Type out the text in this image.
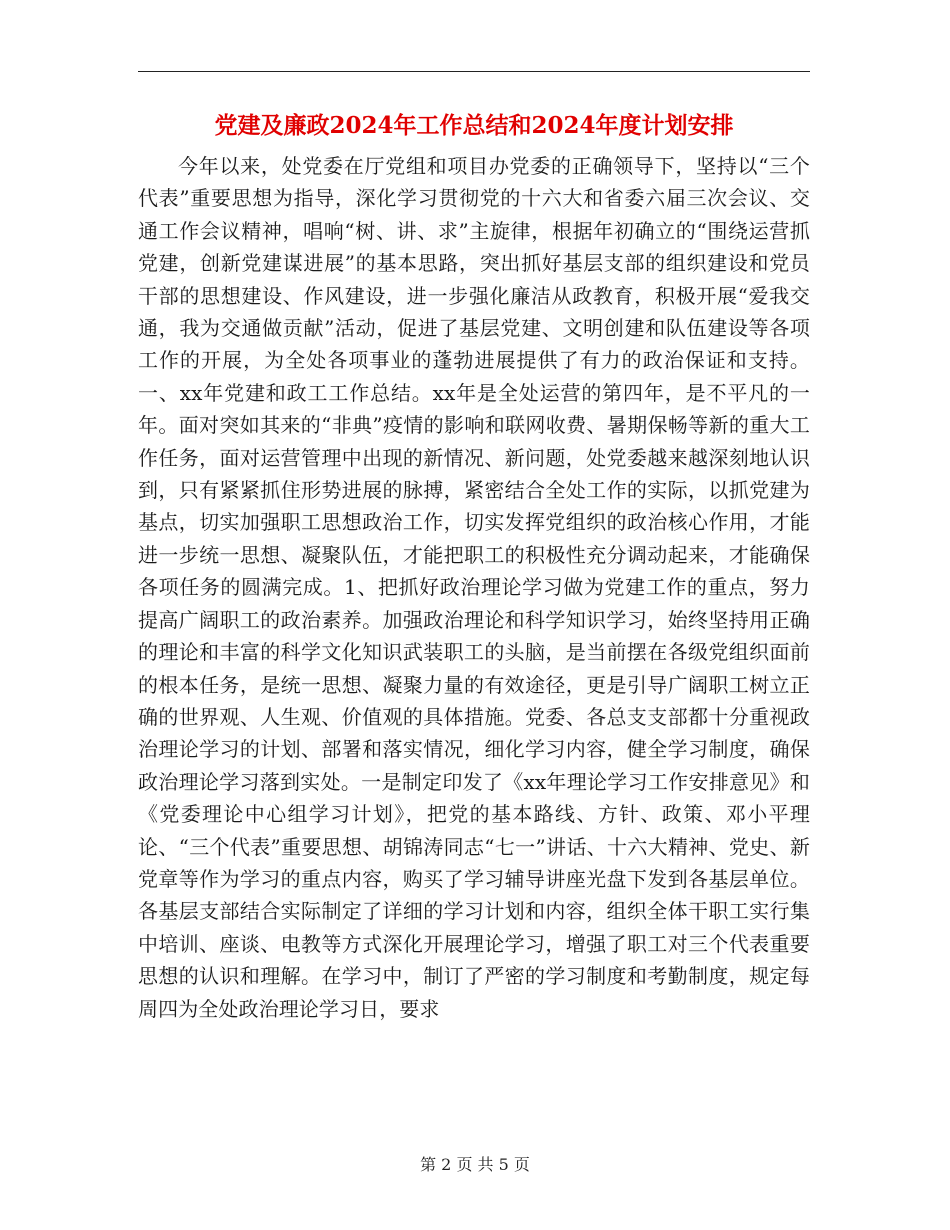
党建及廉政2024年工作总结和2024年度计划安排

今年以来，处党委在厅党组和项目办党委的正确领导下，坚持以“三个代表”重要思想为指导，深化学习贯彻党的十六大和省委六届三次会议、交通工作会议精神，唱响“树、讲、求”主旋律，根据年初确立的“围绕运营抓党建，创新党建谋进展”的基本思路，突出抓好基层支部的组织建设和党员干部的思想建设、作风建设，进一步强化廉洁从政教育，积极开展“爱我交通，我为交通做贡献”活动，促进了基层党建、文明创建和队伍建设等各项工作的开展，为全处各项事业的蓬勃进展提供了有力的政治保证和支持。 一、xx年党建和政工工作总结。xx年是全处运营的第四年，是不平凡的一年。面对突如其来的“非典”疫情的影响和联网收费、暑期保畅等新的重大工作任务，面对运营管理中出现的新情况、新问题，处党委越来越深刻地认识到，只有紧紧抓住形势进展的脉搏，紧密结合全处工作的实际，以抓党建为基点，切实加强职工思想政治工作，切实发挥党组织的政治核心作用，才能进一步统一思想、凝聚队伍，才能把职工的积极性充分调动起来，才能确保各项任务的圆满完成。1、把抓好政治理论学习做为党建工作的重点，努力提高广阔职工的政治素养。加强政治理论和科学知识学习，始终坚持用正确的理论和丰富的科学文化知识武装职工的头脑，是当前摆在各级党组织面前的根本任务，是统一思想、凝聚力量的有效途径，更是引导广阔职工树立正确的世界观、人生观、价值观的具体措施。党委、各总支支部都十分重视政治理论学习的计划、部署和落实情况，细化学习内容，健全学习制度，确保政治理论学习落到实处。一是制定印发了《xx年理论学习工作安排意见》和《党委理论中心组学习计划》，把党的基本路线、方针、政策、邓小平理论、“三个代表”重要思想、胡锦涛同志“七一”讲话、十六大精神、党史、新党章等作为学习的重点内容，购买了学习辅导讲座光盘下发到各基层单位。各基层支部结合实际制定了详细的学习计划和内容，组织全体干职工实行集中培训、座谈、电教等方式深化开展理论学习，增强了职工对三个代表重要思想的认识和理解。在学习中，制订了严密的学习制度和考勤制度，规定每周四为全处政治理论学习日，要求

第 2 页 共 5 页
